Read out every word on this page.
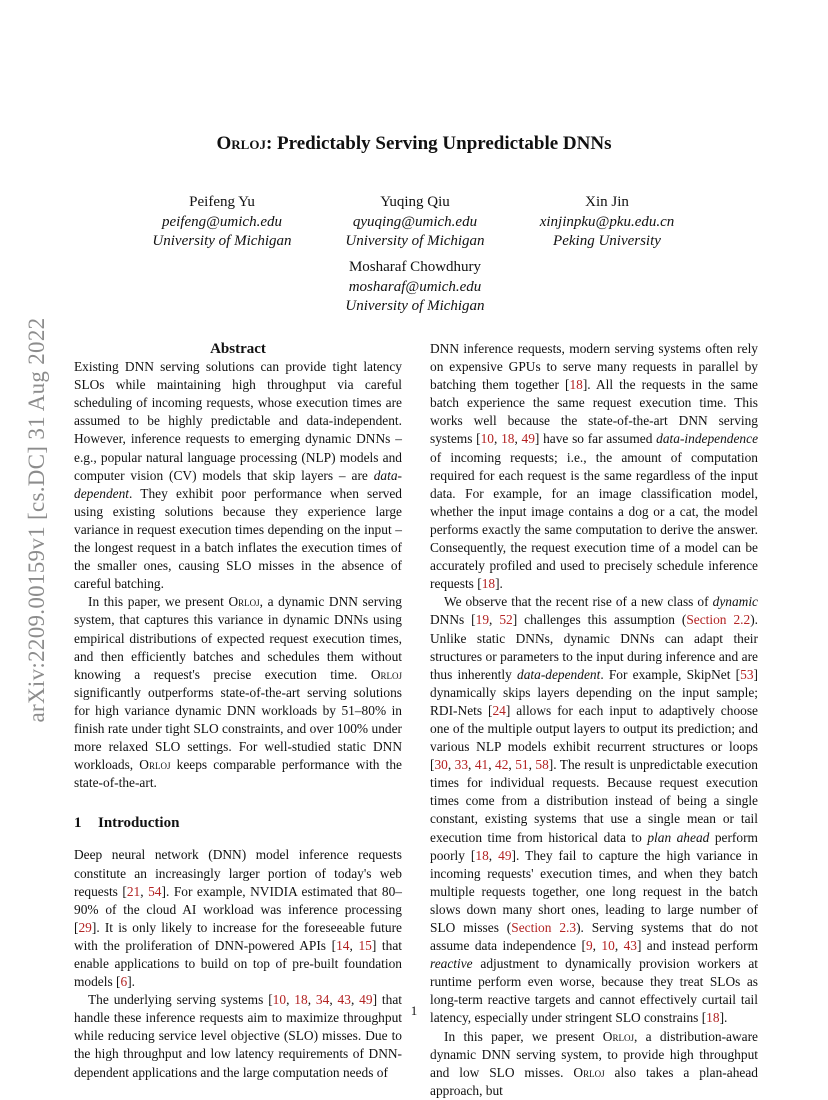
arXiv:2209.00159v1 [cs.DC] 31 Aug 2022
Orloj: Predictably Serving Unpredictable DNNs
Peifeng Yu
peifeng@umich.edu
University of Michigan
Yuqing Qiu
qyuqing@umich.edu
University of Michigan
Xin Jin
xinjinpku@pku.edu.cn
Peking University
Mosharaf Chowdhury
mosharaf@umich.edu
University of Michigan

Abstract

Existing DNN serving solutions can provide tight latency SLOs while maintaining high throughput via careful scheduling of incoming requests, whose execution times are assumed to be highly predictable and data-independent. However, inference requests to emerging dynamic DNNs – e.g., popular natural language processing (NLP) models and computer vision (CV) models that skip layers – are data-dependent. They exhibit poor performance when served using existing solutions because they experience large variance in request execution times depending on the input – the longest request in a batch inflates the execution times of the smaller ones, causing SLO misses in the absence of careful batching.

In this paper, we present Orloj, a dynamic DNN serving system, that captures this variance in dynamic DNNs using empirical distributions of expected request execution times, and then efficiently batches and schedules them without knowing a request's precise execution time. Orloj significantly outperforms state-of-the-art serving solutions for high variance dynamic DNN workloads by 51–80% in finish rate under tight SLO constraints, and over 100% under more relaxed SLO settings. For well-studied static DNN workloads, Orloj keeps comparable performance with the state-of-the-art.

1 Introduction

Deep neural network (DNN) model inference requests constitute an increasingly larger portion of today's web requests [21, 54]. For example, NVIDIA estimated that 80–90% of the cloud AI workload was inference processing [29]. It is only likely to increase for the foreseeable future with the proliferation of DNN-powered APIs [14, 15] that enable applications to build on top of pre-built foundation models [6].

The underlying serving systems [10, 18, 34, 43, 49] that handle these inference requests aim to maximize throughput while reducing service level objective (SLO) misses. Due to the high throughput and low latency requirements of DNN-dependent applications and the large computation needs of

DNN inference requests, modern serving systems often rely on expensive GPUs to serve many requests in parallel by batching them together [18]. All the requests in the same batch experience the same request execution time. This works well because the state-of-the-art DNN serving systems [10, 18, 49] have so far assumed data-independence of incoming requests; i.e., the amount of computation required for each request is the same regardless of the input data. For example, for an image classification model, whether the input image contains a dog or a cat, the model performs exactly the same computation to derive the answer. Consequently, the request execution time of a model can be accurately profiled and used to precisely schedule inference requests [18].

We observe that the recent rise of a new class of dynamic DNNs [19, 52] challenges this assumption (Section 2.2). Unlike static DNNs, dynamic DNNs can adapt their structures or parameters to the input during inference and are thus inherently data-dependent. For example, SkipNet [53] dynamically skips layers depending on the input sample; RDI-Nets [24] allows for each input to adaptively choose one of the multiple output layers to output its prediction; and various NLP models exhibit recurrent structures or loops [30, 33, 41, 42, 51, 58]. The result is unpredictable execution times for individual requests. Because request execution times come from a distribution instead of being a single constant, existing systems that use a single mean or tail execution time from historical data to plan ahead perform poorly [18, 49]. They fail to capture the high variance in incoming requests' execution times, and when they batch multiple requests together, one long request in the batch slows down many short ones, leading to large number of SLO misses (Section 2.3). Serving systems that do not assume data independence [9, 10, 43] and instead perform reactive adjustment to dynamically provision workers at runtime perform even worse, because they treat SLOs as long-term reactive targets and cannot effectively curtail tail latency, especially under stringent SLO constrains [18].

In this paper, we present Orloj, a distribution-aware dynamic DNN serving system, to provide high throughput and low SLO misses. Orloj also takes a plan-ahead approach, but

1
